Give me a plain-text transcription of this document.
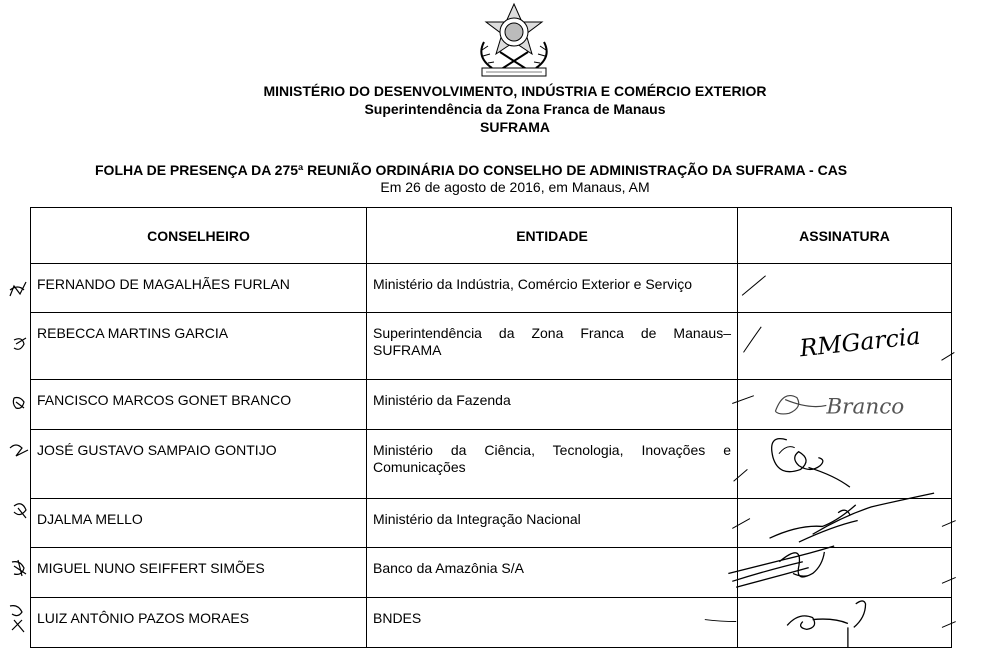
MINISTÉRIO DO DESENVOLVIMENTO, INDÚSTRIA E COMÉRCIO EXTERIOR
Superintendência da Zona Franca de Manaus
SUFRAMA
FOLHA DE PRESENÇA DA 275ª REUNIÃO ORDINÁRIA DO CONSELHO DE ADMINISTRAÇÃO DA SUFRAMA - CAS
Em 26 de agosto de 2016, em Manaus, AM
CONSELHEIRO	ENTIDADE	ASSINATURA
FERNANDO DE MAGALHÃES FURLAN	Ministério da Indústria, Comércio Exterior e Serviço	

REBECCA MARTINS GARCIA	Superintendência da Zona Franca de Manaus–SUFRAMA	RMGarcia

FANCISCO MARCOS GONET BRANCO	Ministério da Fazenda	Branco

JOSÉ GUSTAVO SAMPAIO GONTIJO	Ministério da Ciência, Tecnologia, Inovações e Comunicações	

DJALMA MELLO	Ministério da Integração Nacional	

MIGUEL NUNO SEIFFERT SIMÕES	Banco da Amazônia S/A	

LUIZ ANTÔNIO PAZOS MORAES	BNDES	
